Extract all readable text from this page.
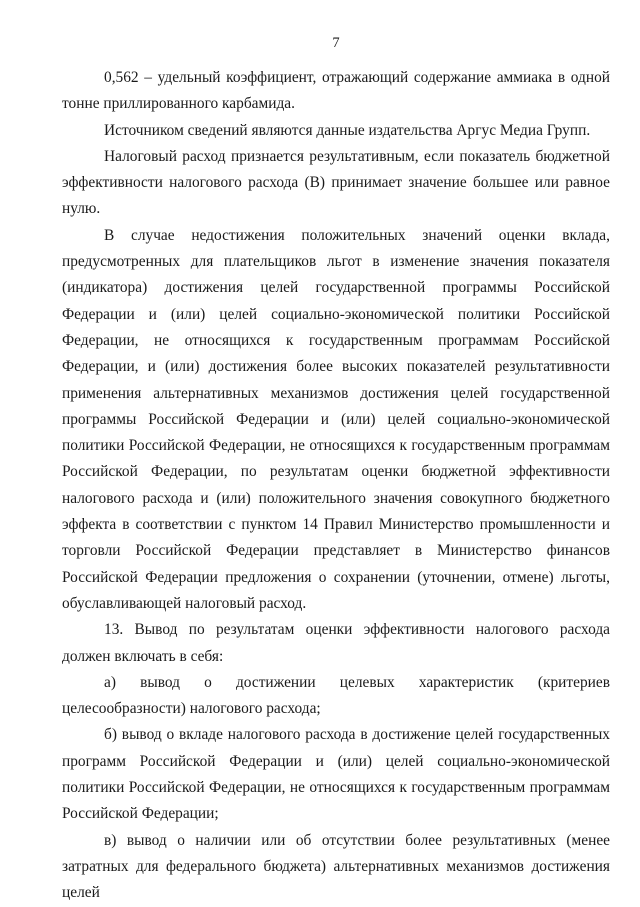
7

0,562 – удельный коэффициент, отражающий содержание аммиака в одной тонне приллированного карбамида.

Источником сведений являются данные издательства Аргус Медиа Групп.

Налоговый расход признается результативным, если показатель бюджетной эффективности налогового расхода (B) принимает значение большее или равное нулю.

В случае недостижения положительных значений оценки вклада, предусмотренных для плательщиков льгот в изменение значения показателя (индикатора) достижения целей государственной программы Российской Федерации и (или) целей социально-экономической политики Российской Федерации, не относящихся к государственным программам Российской Федерации, и (или) достижения более высоких показателей результативности применения альтернативных механизмов достижения целей государственной программы Российской Федерации и (или) целей социально-экономической политики Российской Федерации, не относящихся к государственным программам Российской Федерации, по результатам оценки бюджетной эффективности налогового расхода и (или) положительного значения совокупного бюджетного эффекта в соответствии с пунктом 14 Правил Министерство промышленности и торговли Российской Федерации представляет в Министерство финансов Российской Федерации предложения о сохранении (уточнении, отмене) льготы, обуславливающей налоговый расход.

13. Вывод по результатам оценки эффективности налогового расхода должен включать в себя:

а) вывод о достижении целевых характеристик (критериев целесообразности) налогового расхода;

б) вывод о вкладе налогового расхода в достижение целей государственных программ Российской Федерации и (или) целей социально-экономической политики Российской Федерации, не относящихся к государственным программам Российской Федерации;

в) вывод о наличии или об отсутствии более результативных (менее затратных для федерального бюджета) альтернативных механизмов достижения целей
